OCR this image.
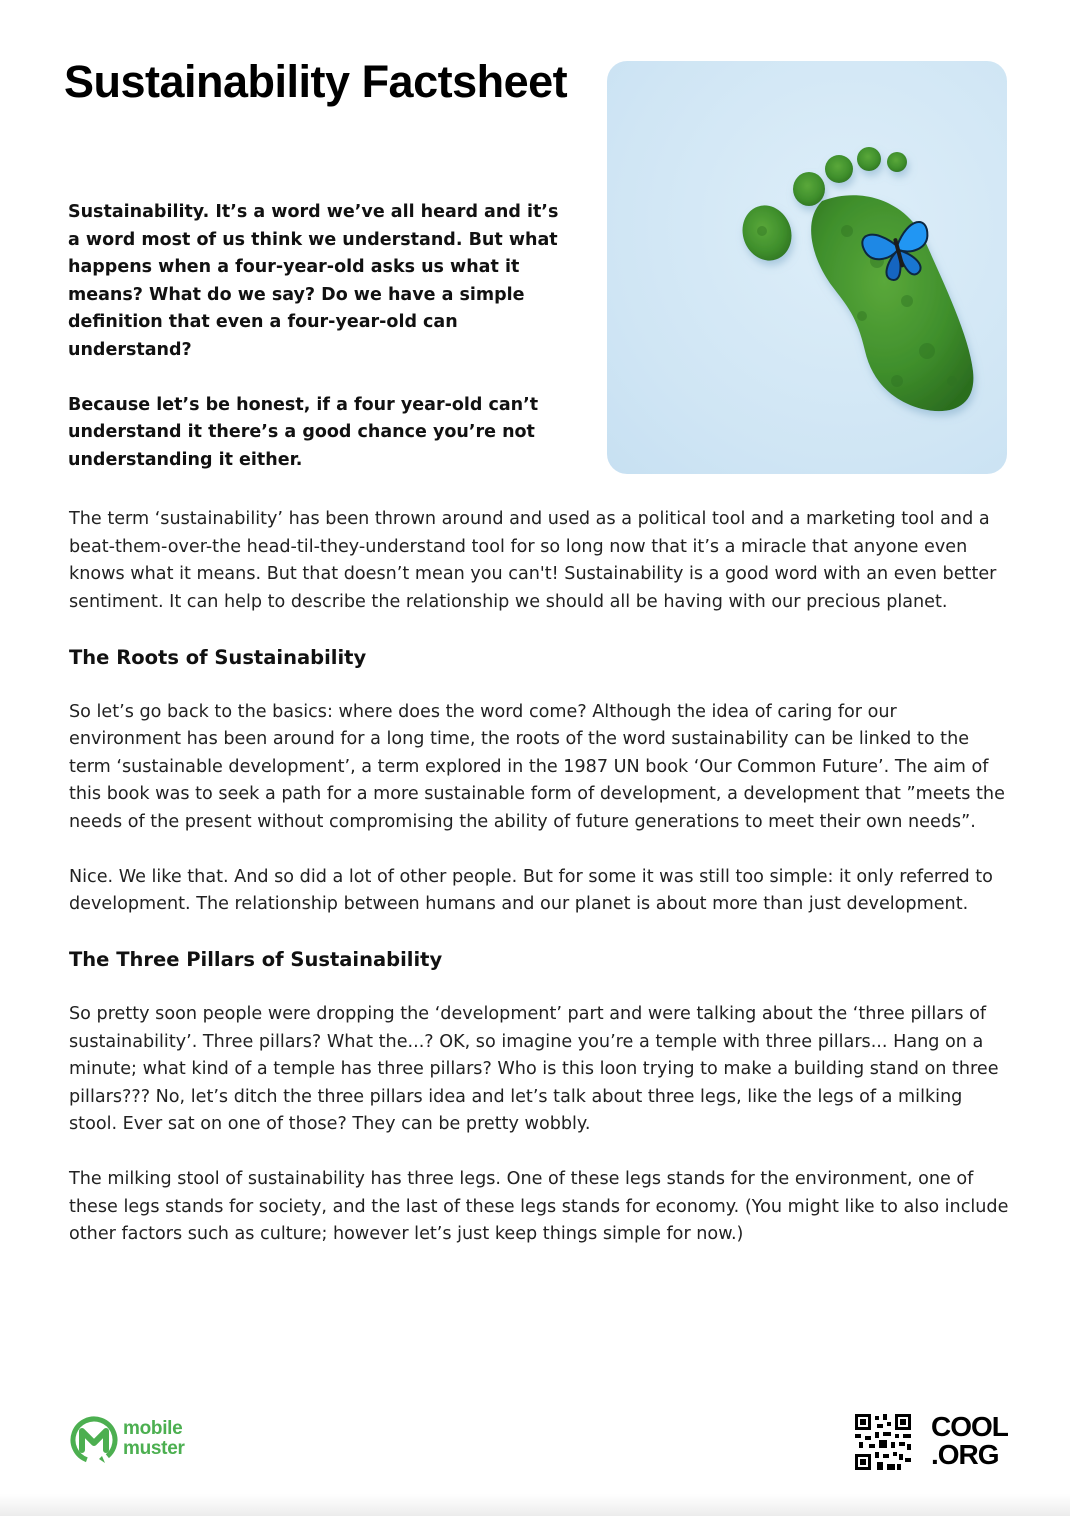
Sustainability Factsheet

Sustainability. It’s a word we’ve all heard and it’s a word most of us think we understand. But what happens when a four-year-old asks us what it means? What do we say? Do we have a simple definition that even a four-year-old can understand?

Because let’s be honest, if a four year-old can’t understand it there’s a good chance you’re not understanding it either.

The term ‘sustainability’ has been thrown around and used as a political tool and a marketing tool and a beat-them-over-the head-til-they-understand tool for so long now that it’s a miracle that anyone even knows what it means. But that doesn’t mean you can't! Sustainability is a good word with an even better sentiment. It can help to describe the relationship we should all be having with our precious planet.

The Roots of Sustainability

So let’s go back to the basics: where does the word come? Although the idea of caring for our environment has been around for a long time, the roots of the word sustainability can be linked to the term ‘sustainable development’, a term explored in the 1987 UN book ‘Our Common Future’. The aim of this book was to seek a path for a more sustainable form of development, a development that ”meets the needs of the present without compromising the ability of future generations to meet their own needs”.

Nice. We like that. And so did a lot of other people. But for some it was still too simple: it only referred to development. The relationship between humans and our planet is about more than just development.

The Three Pillars of Sustainability

So pretty soon people were dropping the ‘development’ part and were talking about the ‘three pillars of sustainability’. Three pillars? What the...? OK, so imagine you’re a temple with three pillars... Hang on a minute; what kind of a temple has three pillars? Who is this loon trying to make a building stand on three pillars??? No, let’s ditch the three pillars idea and let’s talk about three legs, like the legs of a milking stool. Ever sat on one of those? They can be pretty wobbly.

The milking stool of sustainability has three legs. One of these legs stands for the environment, one of these legs stands for society, and the last of these legs stands for economy. (You might like to also include other factors such as culture; however let’s just keep things simple for now.)

mobile
muster
COOL
.ORG
